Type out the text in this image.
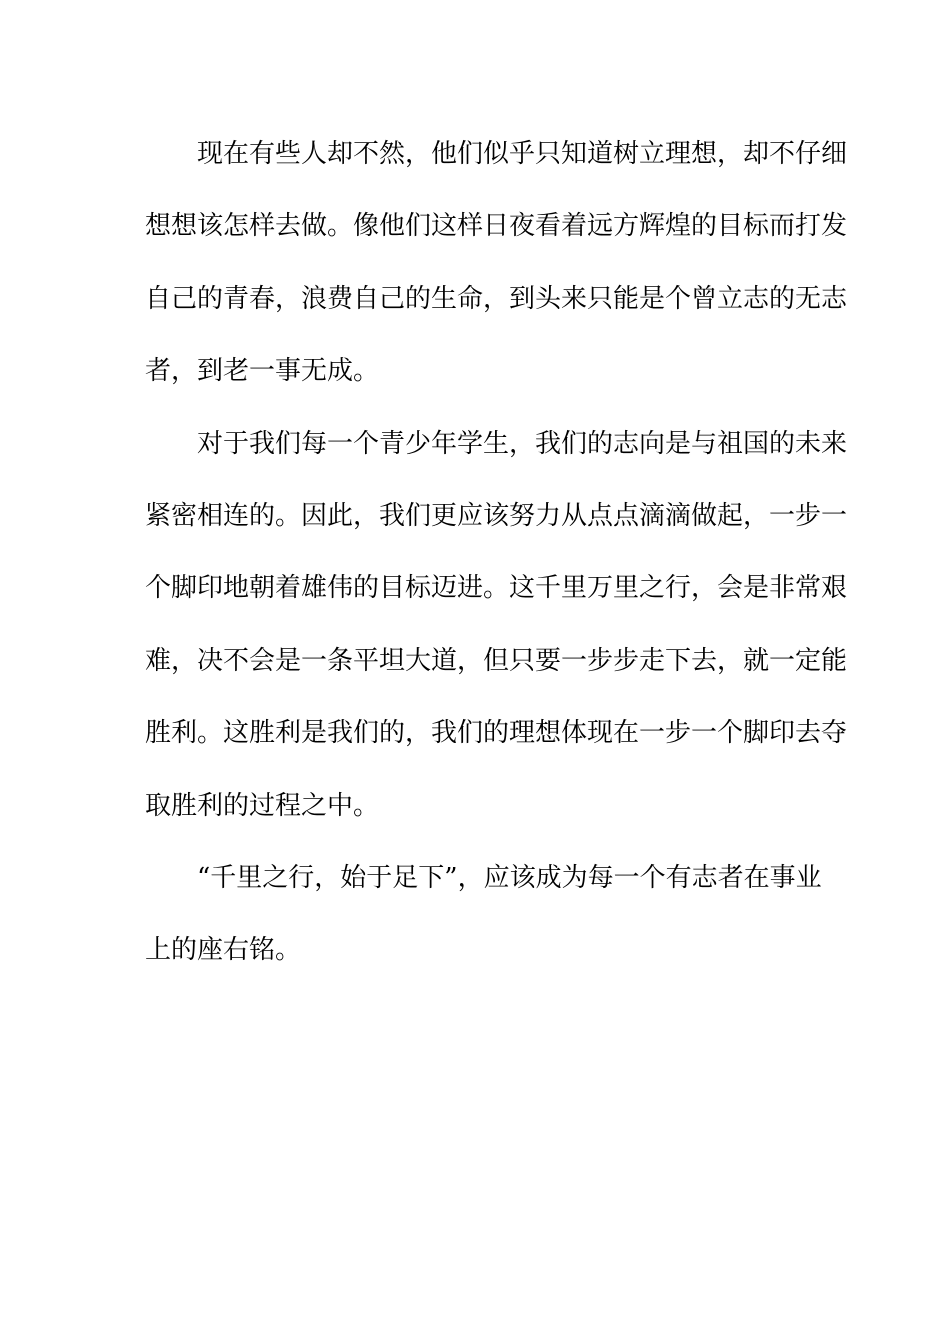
现在有些人却不然，他们似乎只知道树立理想，却不仔细
想想该怎样去做。像他们这样日夜看着远方辉煌的目标而打发
自己的青春，浪费自己的生命，到头来只能是个曾立志的无志
者，到老一事无成。
对于我们每一个青少年学生，我们的志向是与祖国的未来
紧密相连的。因此，我们更应该努力从点点滴滴做起，一步一
个脚印地朝着雄伟的目标迈进。这千里万里之行，会是非常艰
难，决不会是一条平坦大道，但只要一步步走下去，就一定能
胜利。这胜利是我们的，我们的理想体现在一步一个脚印去夺
取胜利的过程之中。
“千里之行，始于足下”，应该成为每一个有志者在事业
上的座右铭。
